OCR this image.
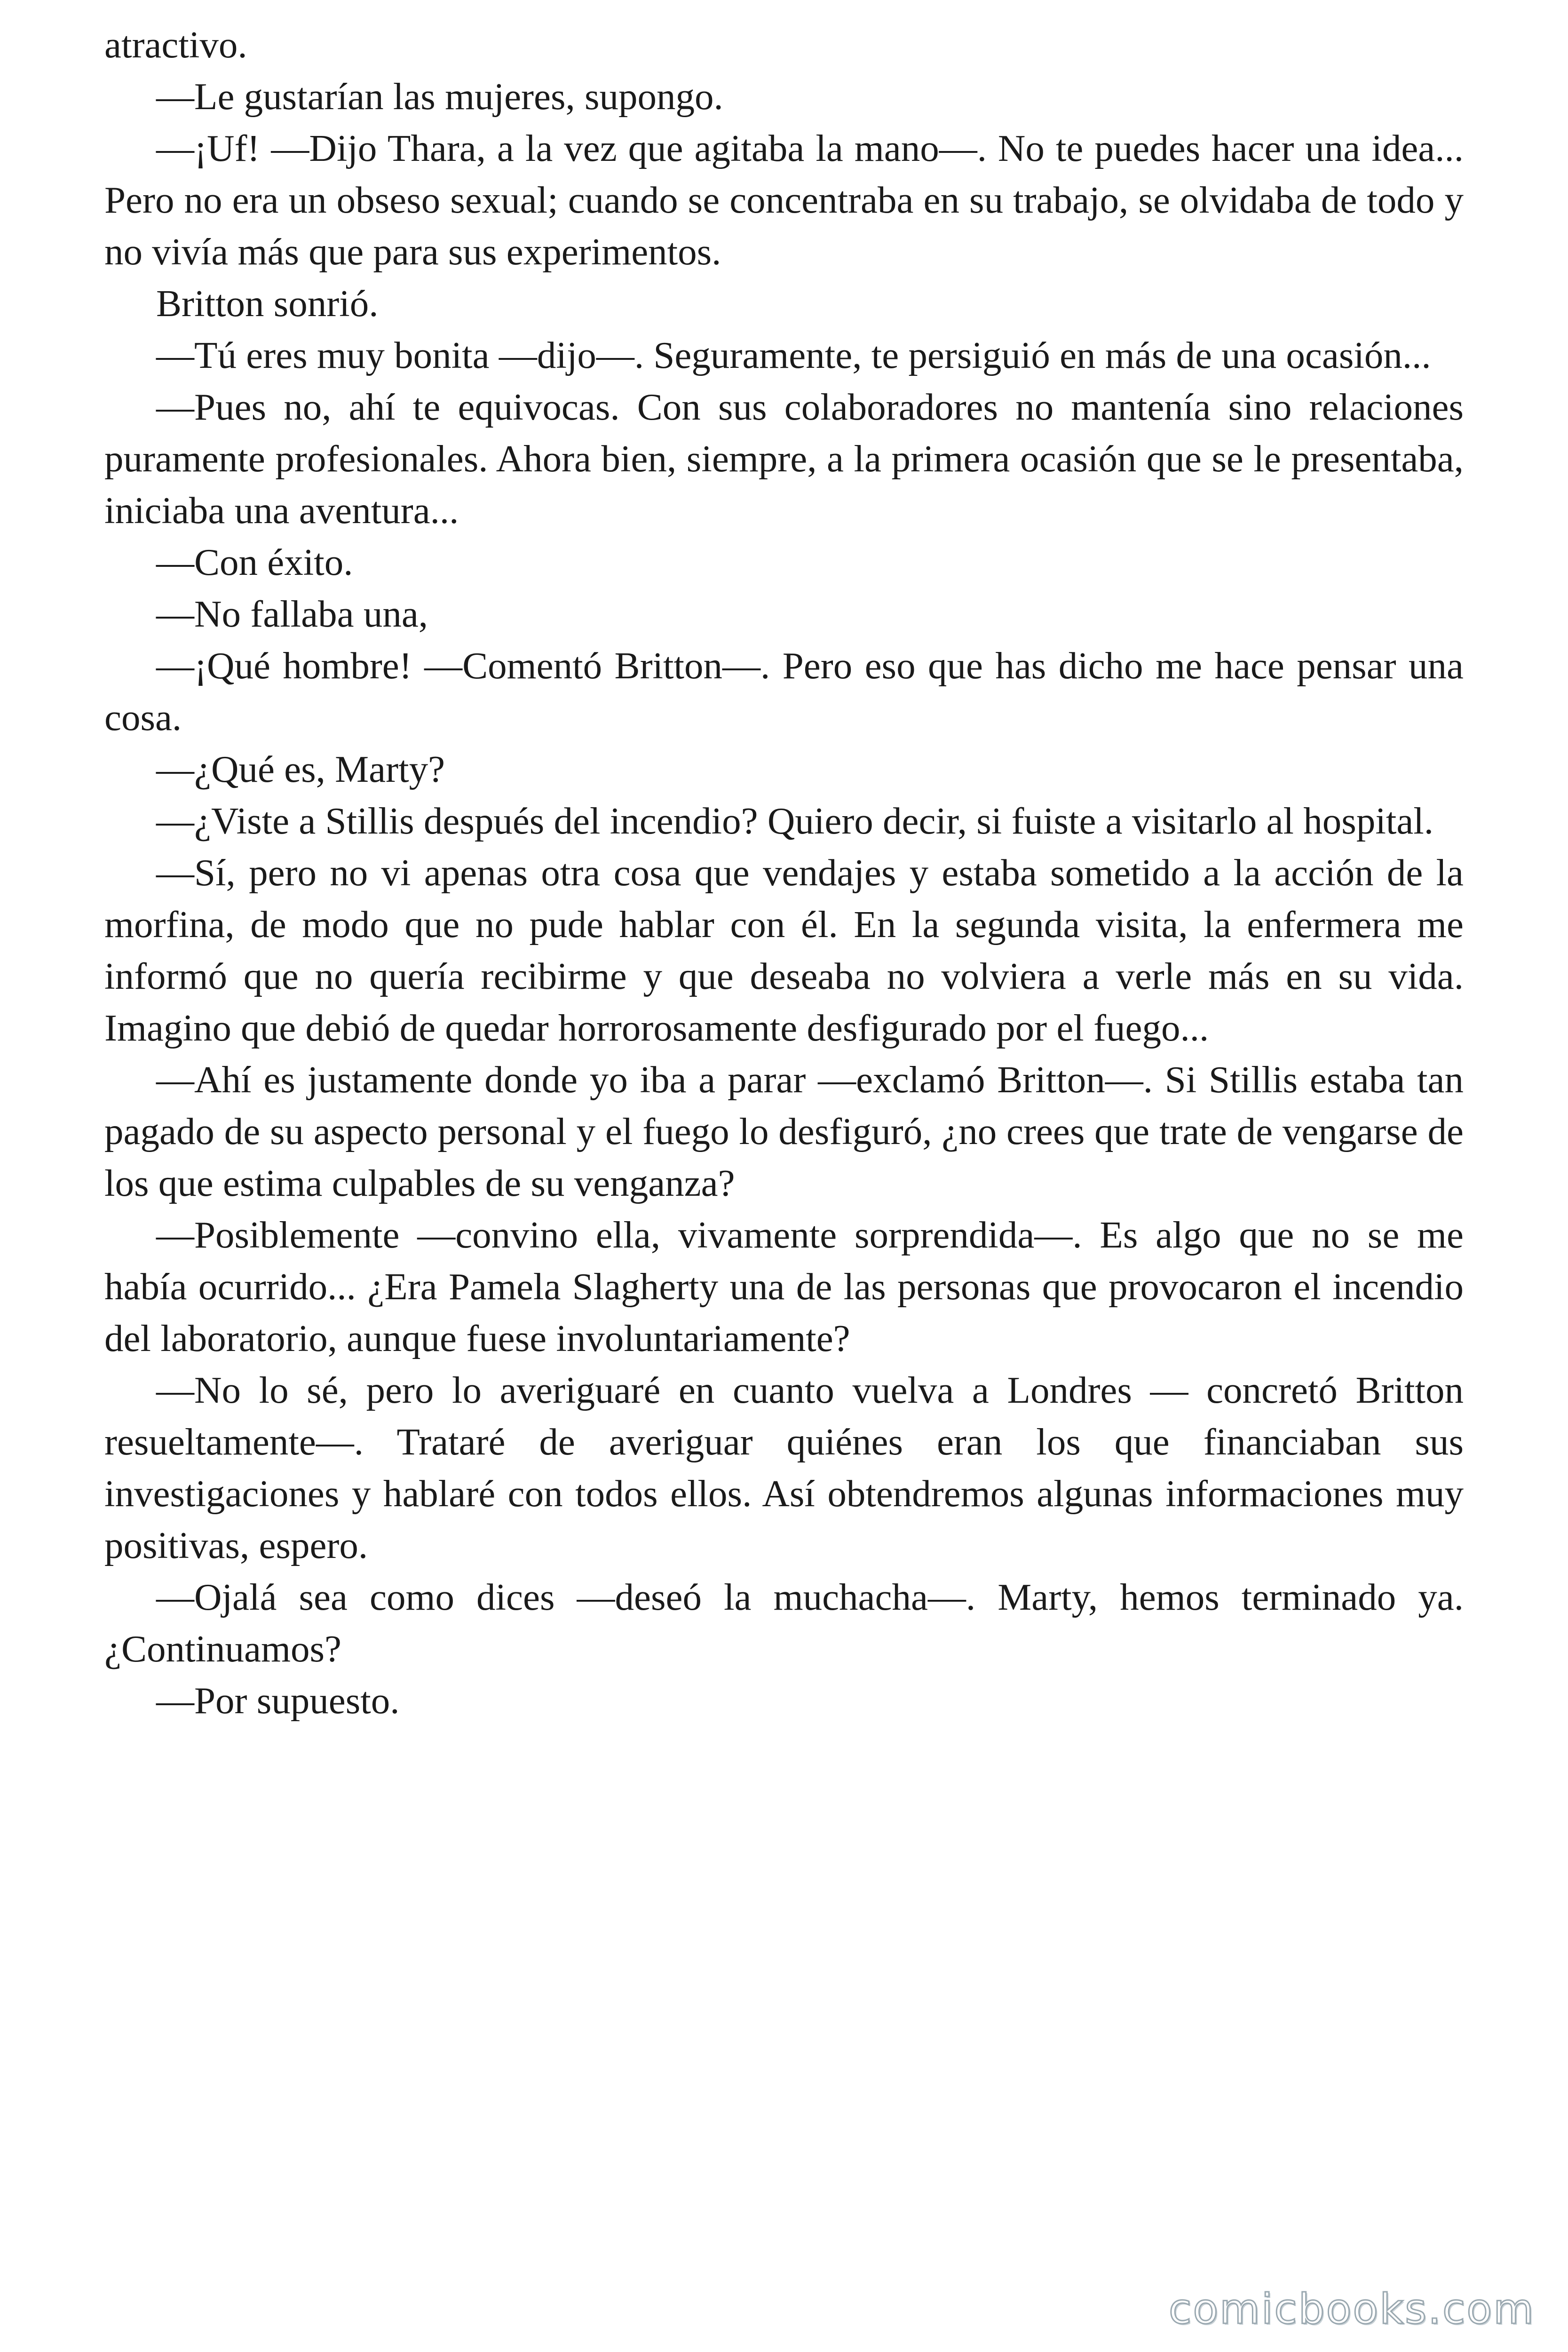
atractivo.

—Le gustarían las mujeres, supongo.

—¡Uf! —Dijo Thara, a la vez que agitaba la mano—. No te puedes hacer una idea... Pero no era un obseso sexual; cuando se concentraba en su trabajo, se olvidaba de todo y no vivía más que para sus experimentos.

Britton sonrió.

—Tú eres muy bonita —dijo—. Seguramente, te persiguió en más de una ocasión...

—Pues no, ahí te equivocas. Con sus colaboradores no mantenía sino relaciones puramente profesionales. Ahora bien, siempre, a la primera ocasión que se le presentaba, iniciaba una aventura...

—Con éxito.

—No fallaba una,

—¡Qué hombre! —Comentó Britton—. Pero eso que has dicho me hace pensar una cosa.

—¿Qué es, Marty?

—¿Viste a Stillis después del incendio? Quiero decir, si fuiste a visitarlo al hospital.

—Sí, pero no vi apenas otra cosa que vendajes y estaba sometido a la acción de la morfina, de modo que no pude hablar con él. En la segunda visita, la enfermera me informó que no quería recibirme y que deseaba no volviera a verle más en su vida. Imagino que debió de quedar horrorosamente desfigurado por el fuego...

—Ahí es justamente donde yo iba a parar —exclamó Britton—. Si Stillis estaba tan pagado de su aspecto personal y el fuego lo desfiguró, ¿no crees que trate de vengarse de los que estima culpables de su venganza?

—Posiblemente —convino ella, vivamente sorprendida—. Es algo que no se me había ocurrido... ¿Era Pamela Slagherty una de las personas que provocaron el incendio del laboratorio, aunque fuese involuntariamente?

—No lo sé, pero lo averiguaré en cuanto vuelva a Londres — concretó Britton resueltamente—. Trataré de averiguar quiénes eran los que financiaban sus investigaciones y hablaré con todos ellos. Así obtendremos algunas informaciones muy positivas, espero.

—Ojalá sea como dices —deseó la muchacha—. Marty, hemos terminado ya. ¿Continuamos?

—Por supuesto.

comicbooks.com
